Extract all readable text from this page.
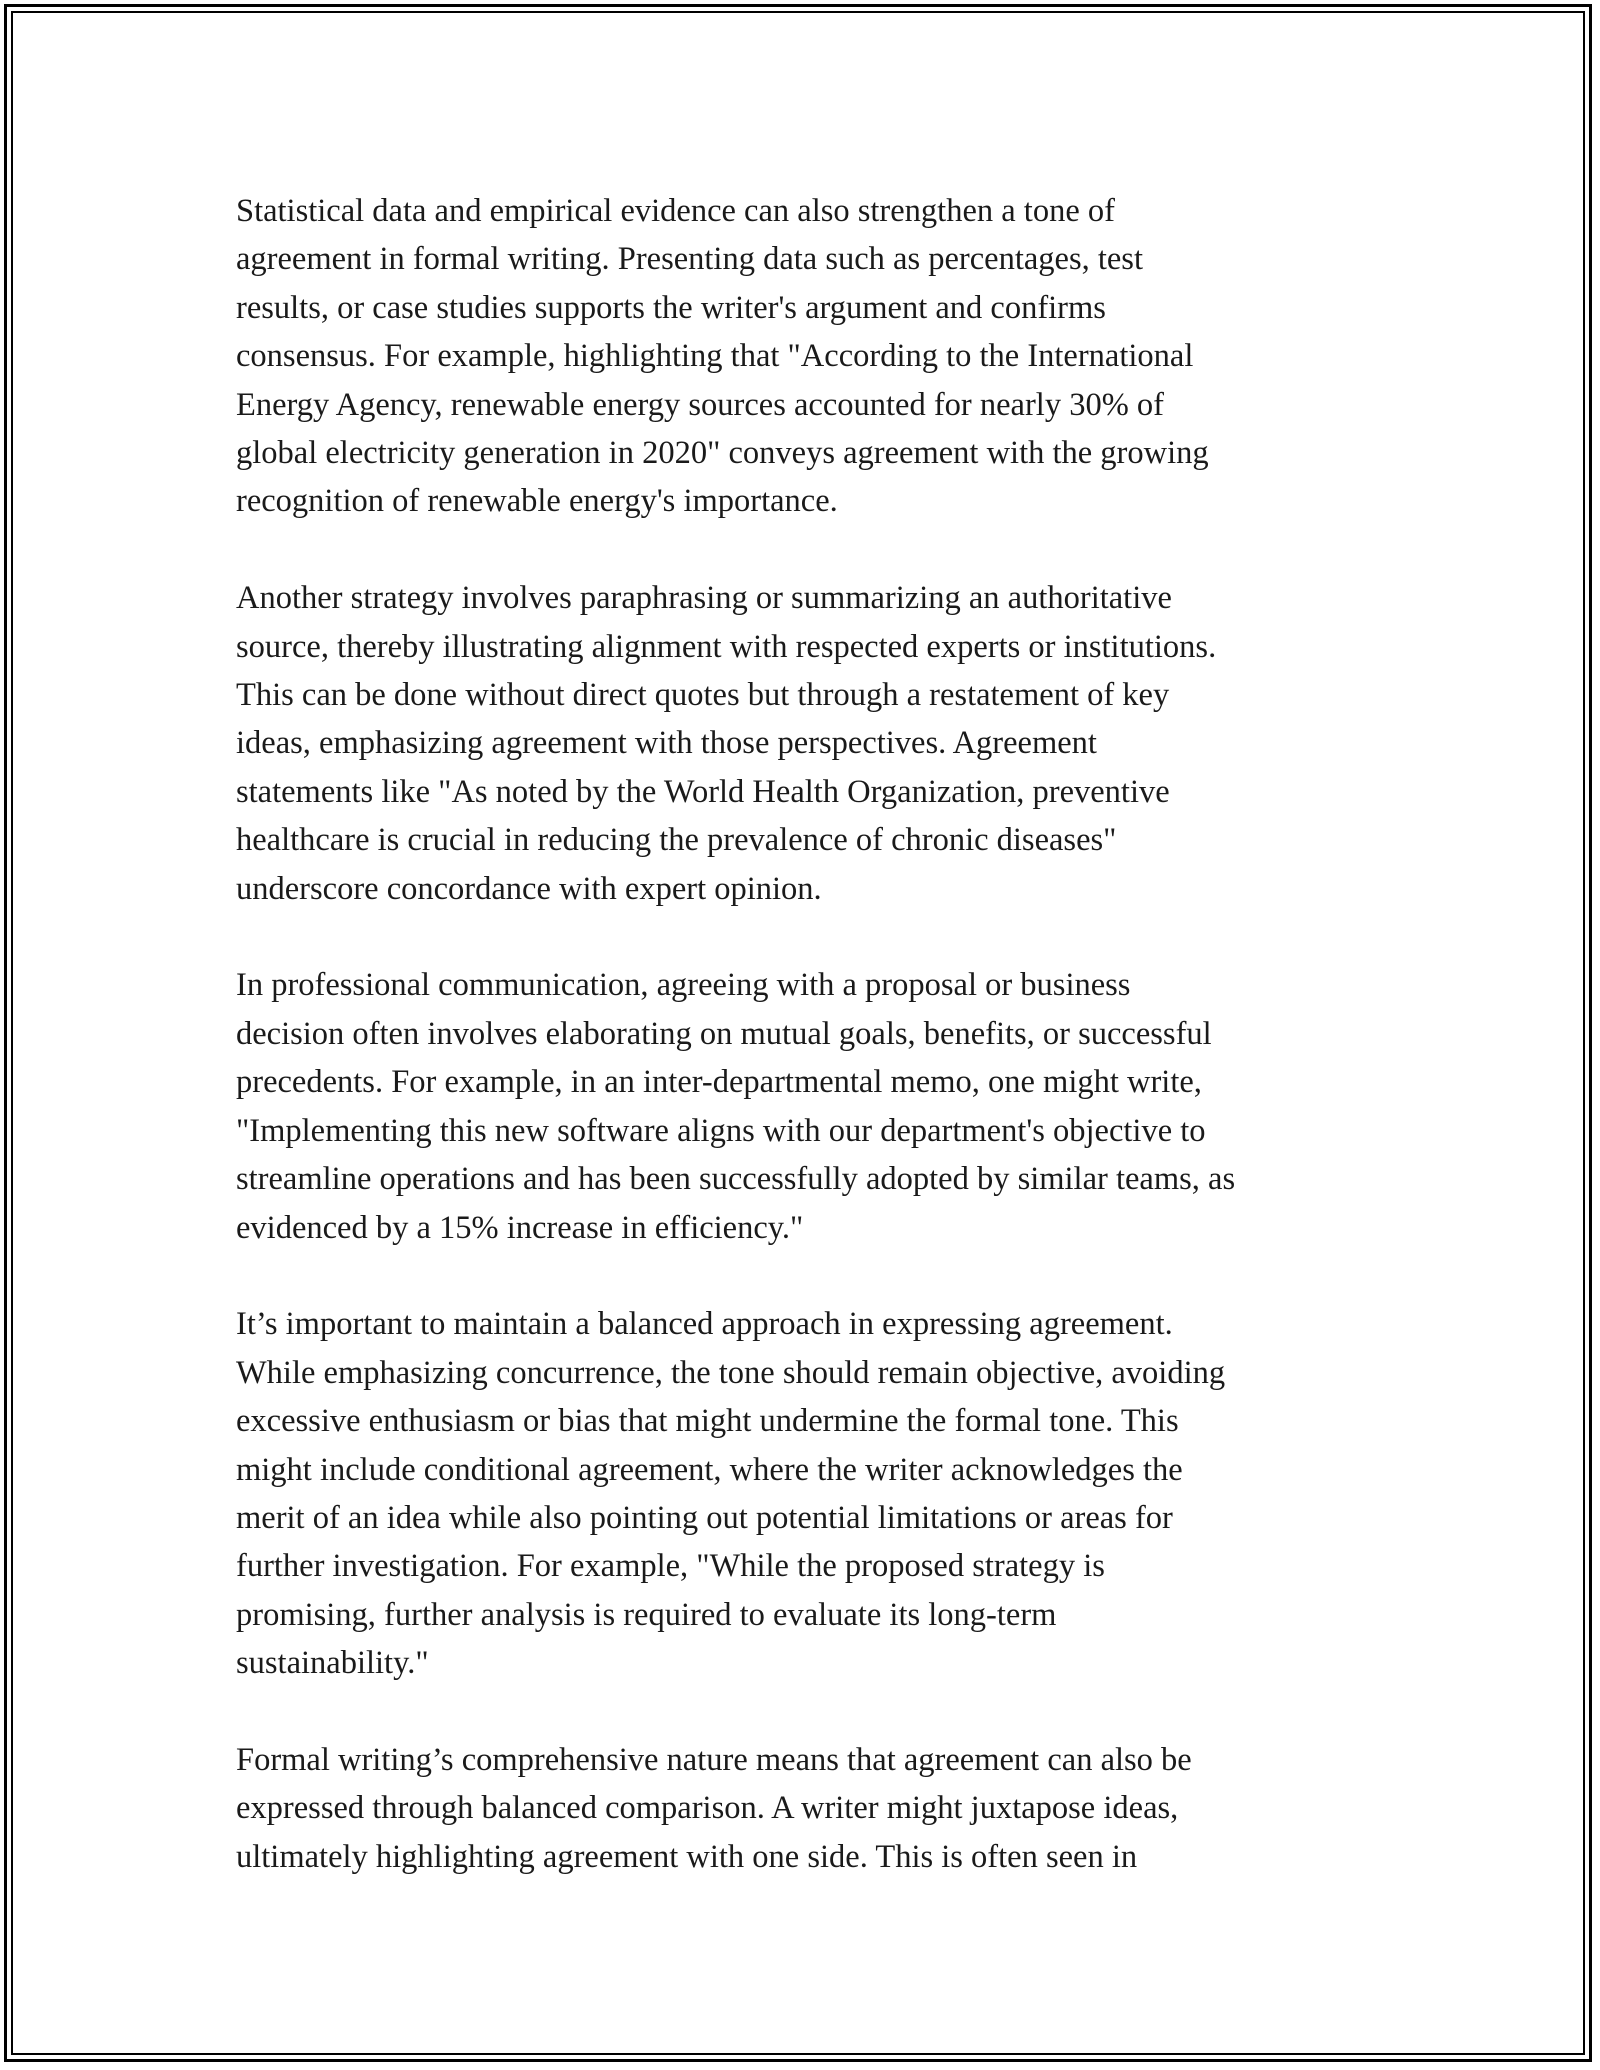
Statistical data and empirical evidence can also strengthen a tone of
agreement in formal writing. Presenting data such as percentages, test
results, or case studies supports the writer's argument and confirms
consensus. For example, highlighting that "According to the International
Energy Agency, renewable energy sources accounted for nearly 30% of
global electricity generation in 2020" conveys agreement with the growing
recognition of renewable energy's importance.

Another strategy involves paraphrasing or summarizing an authoritative
source, thereby illustrating alignment with respected experts or institutions.
This can be done without direct quotes but through a restatement of key
ideas, emphasizing agreement with those perspectives. Agreement
statements like "As noted by the World Health Organization, preventive
healthcare is crucial in reducing the prevalence of chronic diseases"
underscore concordance with expert opinion.

In professional communication, agreeing with a proposal or business
decision often involves elaborating on mutual goals, benefits, or successful
precedents. For example, in an inter-departmental memo, one might write,
"Implementing this new software aligns with our department's objective to
streamline operations and has been successfully adopted by similar teams, as
evidenced by a 15% increase in efficiency."

It’s important to maintain a balanced approach in expressing agreement.
While emphasizing concurrence, the tone should remain objective, avoiding
excessive enthusiasm or bias that might undermine the formal tone. This
might include conditional agreement, where the writer acknowledges the
merit of an idea while also pointing out potential limitations or areas for
further investigation. For example, "While the proposed strategy is
promising, further analysis is required to evaluate its long-term
sustainability."

Formal writing’s comprehensive nature means that agreement can also be
expressed through balanced comparison. A writer might juxtapose ideas,
ultimately highlighting agreement with one side. This is often seen in
